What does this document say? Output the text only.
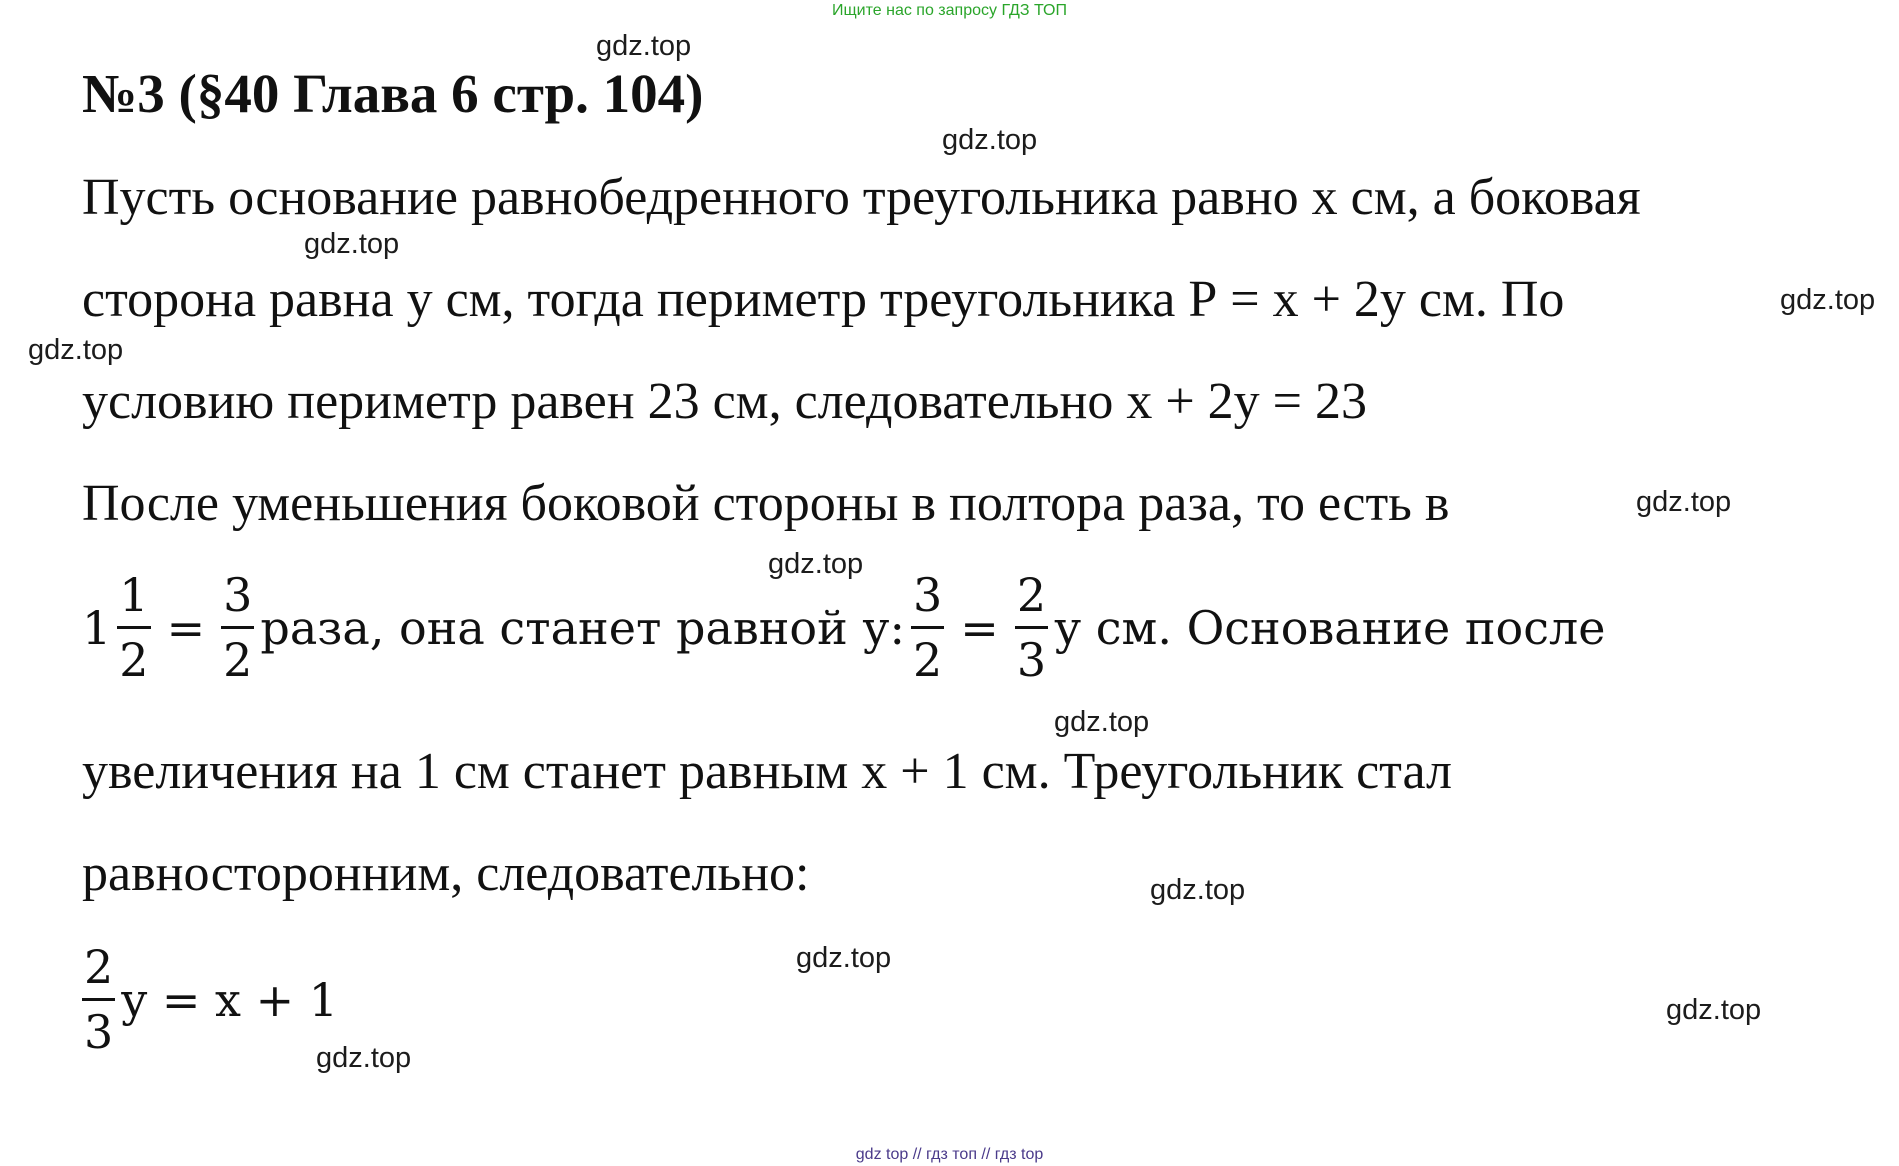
Ищите нас по запросу ГДЗ ТОП
№3 (§40 Глава 6 стр. 104)
Пусть основание равнобедренного треугольника равно х см, а боковая
сторона равна у см, тогда периметр треугольника Р = х + 2у см. По
условию периметр равен 23 см, следовательно х + 2у = 23
После уменьшения боковой стороны в полтора раза, то есть в
$1 \frac{1}{2} = \frac{3}{2}$ раза, она станет равной у: $\frac{3}{2} = \frac{2}{3}$ у см. Основание после
увеличения на 1 см станет равным х + 1 см. Треугольник стал
равносторонним, следовательно:
$\frac{2}{3}$ y = x + 1
gdz.top
gdz.top
gdz.top
gdz.top
gdz.top
gdz.top
gdz.top
gdz.top
gdz.top
gdz.top
gdz.top
gdz.top
gdz top // гдз топ // гдз top
